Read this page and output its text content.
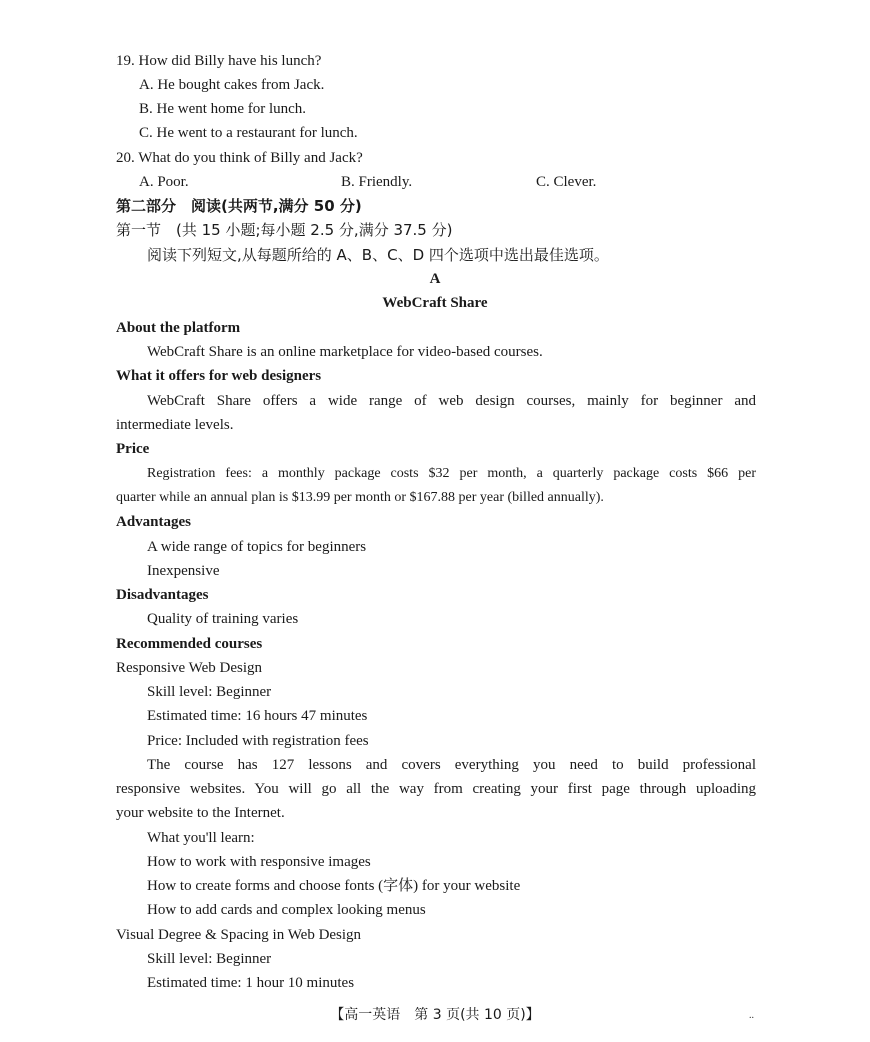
19. How did Billy have his lunch?
A. He bought cakes from Jack.
B. He went home for lunch.
C. He went to a restaurant for lunch.
20. What do you think of Billy and Jack?
A. Poor.	B. Friendly.	C. Clever.
第二部分　阅读(共两节,满分 50 分)
第一节　(共 15 小题;每小题 2.5 分,满分 37.5 分)
阅读下列短文,从每题所给的 A、B、C、D 四个选项中选出最佳选项。
A
WebCraft Share
About the platform
WebCraft Share is an online marketplace for video-based courses.
What it offers for web designers
WebCraft Share offers a wide range of web design courses, mainly for beginner and
intermediate levels.
Price
Registration fees: a monthly package costs $32 per month, a quarterly package costs $66 per
quarter while an annual plan is $13.99 per month or $167.88 per year (billed annually).
Advantages
A wide range of topics for beginners
Inexpensive
Disadvantages
Quality of training varies
Recommended courses
Responsive Web Design
Skill level: Beginner
Estimated time: 16 hours 47 minutes
Price: Included with registration fees
The course has 127 lessons and covers everything you need to build professional
responsive websites. You will go all the way from creating your first page through uploading
your website to the Internet.
What you'll learn:
How to work with responsive images
How to create forms and choose fonts (字体) for your website
How to add cards and complex looking menus
Visual Degree & Spacing in Web Design
Skill level: Beginner
Estimated time: 1 hour 10 minutes
【高一英语　第 3 页(共 10 页)】	..
